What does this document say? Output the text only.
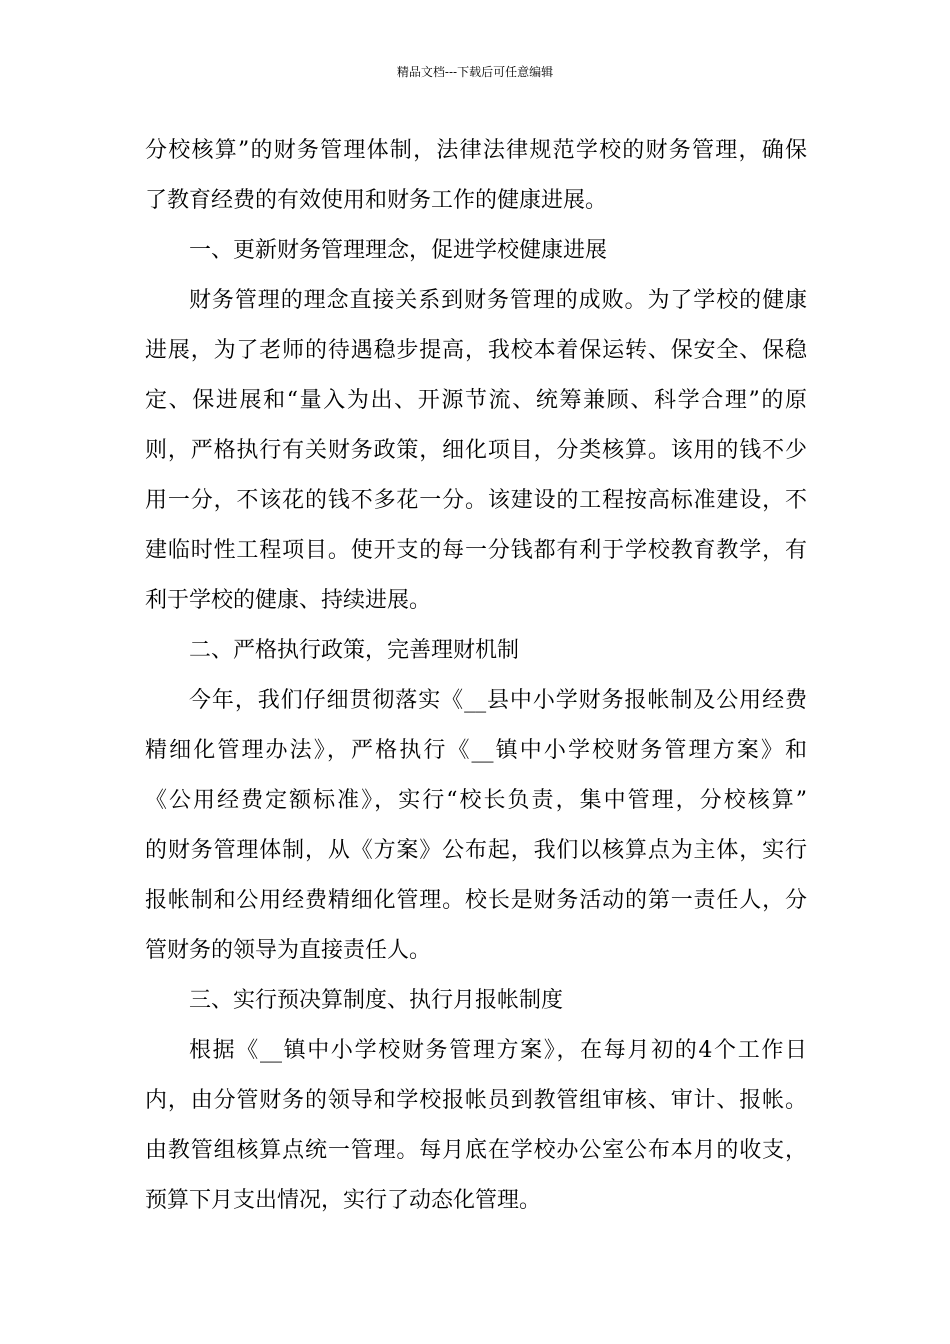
精品文档---下载后可任意编辑
分校核算”的财务管理体制，法律法律规范学校的财务管理，确保
了教育经费的有效使用和财务工作的健康进展。
一、更新财务管理理念，促进学校健康进展
财务管理的理念直接关系到财务管理的成败。为了学校的健康
进展，为了老师的待遇稳步提高，我校本着保运转、保安全、保稳
定、保进展和“量入为出、开源节流、统筹兼顾、科学合理”的原
则，严格执行有关财务政策，细化项目，分类核算。该用的钱不少
用一分，不该花的钱不多花一分。该建设的工程按高标准建设，不
建临时性工程项目。使开支的每一分钱都有利于学校教育教学，有
利于学校的健康、持续进展。
二、严格执行政策，完善理财机制
今年，我们仔细贯彻落实《__县中小学财务报帐制及公用经费
精细化管理办法》，严格执行《__镇中小学校财务管理方案》和
《公用经费定额标准》，实行“校长负责，集中管理，分校核算”
的财务管理体制，从《方案》公布起，我们以核算点为主体，实行
报帐制和公用经费精细化管理。校长是财务活动的第一责任人，分
管财务的领导为直接责任人。
三、实行预决算制度、执行月报帐制度
根据《__镇中小学校财务管理方案》，在每月初的4个工作日
内，由分管财务的领导和学校报帐员到教管组审核、审计、报帐。
由教管组核算点统一管理。每月底在学校办公室公布本月的收支，
预算下月支出情况，实行了动态化管理。
